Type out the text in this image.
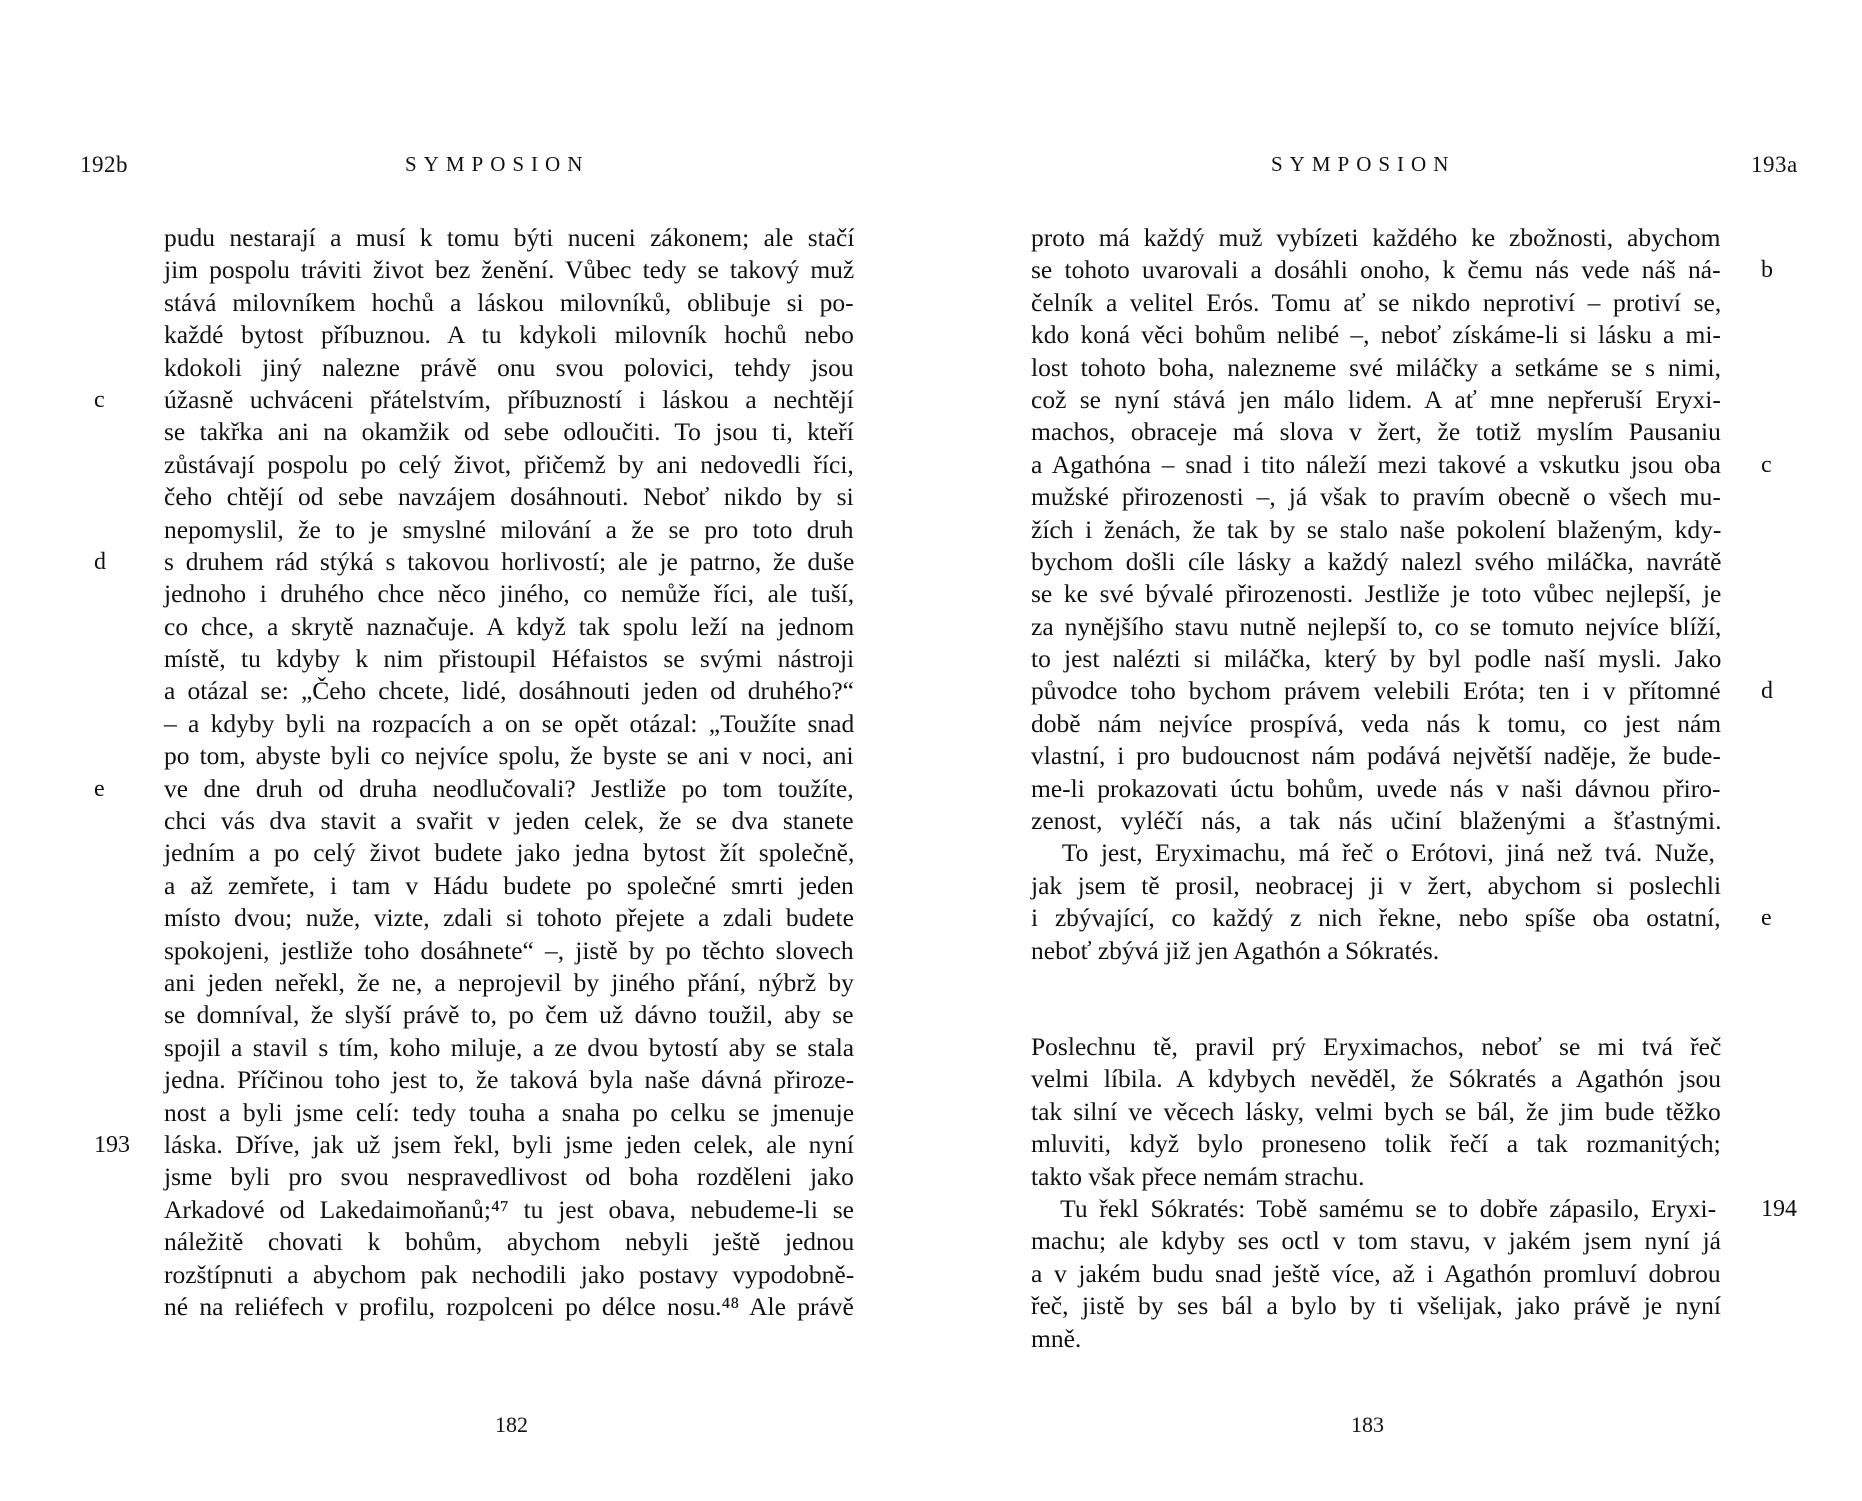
192b	SYMPOSION
pudu nestarají a musí k tomu býti nuceni zákonem; ale stačí
jim pospolu tráviti život bez ženění. Vůbec tedy se takový muž
stává milovníkem hochů a láskou milovníků, oblibuje si po-
každé bytost příbuznou. A tu kdykoli milovník hochů nebo
kdokoli jiný nalezne právě onu svou polovici, tehdy jsou
úžasně uchváceni přátelstvím, příbuzností i láskou a nechtějí
c
se takřka ani na okamžik od sebe odloučiti. To jsou ti, kteří
zůstávají pospolu po celý život, přičemž by ani nedovedli říci,
čeho chtějí od sebe navzájem dosáhnouti. Neboť nikdo by si
nepomyslil, že to je smyslné milování a že se pro toto druh
s druhem rád stýká s takovou horlivostí; ale je patrno, že duše
d
jednoho i druhého chce něco jiného, co nemůže říci, ale tuší,
co chce, a skrytě naznačuje. A když tak spolu leží na jednom
místě, tu kdyby k nim přistoupil Héfaistos se svými nástroji
a otázal se: „Čeho chcete, lidé, dosáhnouti jeden od druhého?“
– a kdyby byli na rozpacích a on se opět otázal: „Toužíte snad
po tom, abyste byli co nejvíce spolu, že byste se ani v noci, ani
ve dne druh od druha neodlučovali? Jestliže po tom toužíte,
e
chci vás dva stavit a svařit v jeden celek, že se dva stanete
jedním a po celý život budete jako jedna bytost žít společně,
a až zemřete, i tam v Hádu budete po společné smrti jeden
místo dvou; nuže, vizte, zdali si tohoto přejete a zdali budete
spokojeni, jestliže toho dosáhnete“ –, jistě by po těchto slovech
ani jeden neřekl, že ne, a neprojevil by jiného přání, nýbrž by
se domníval, že slyší právě to, po čem už dávno toužil, aby se
spojil a stavil s tím, koho miluje, a ze dvou bytostí aby se stala
jedna. Příčinou toho jest to, že taková byla naše dávná přiroze-
nost a byli jsme celí: tedy touha a snaha po celku se jmenuje
láska. Dříve, jak už jsem řekl, byli jsme jeden celek, ale nyní
193
jsme byli pro svou nespravedlivost od boha rozděleni jako
Arkadové od Lakedaimoňanů;⁴⁷ tu jest obava, nebudeme-li se
náležitě chovati k bohům, abychom nebyli ještě jednou
rozštípnuti a abychom pak nechodili jako postavy vypodobně-
né na reliéfech v profilu, rozpolceni po délce nosu.⁴⁸ Ale právě
182
SYMPOSION	193a
proto má každý muž vybízeti každého ke zbožnosti, abychom
se tohoto uvarovali a dosáhli onoho, k čemu nás vede náš ná- b
čelník a velitel Erós. Tomu ať se nikdo neprotiví – protiví se,
kdo koná věci bohům nelibé –, neboť získáme-li si lásku a mi-
lost tohoto boha, nalezneme své miláčky a setkáme se s nimi,
což se nyní stává jen málo lidem. A ať mne nepřeruší Eryxi-
machos, obraceje má slova v žert, že totiž myslím Pausaniu
a Agathóna – snad i tito náleží mezi takové a vskutku jsou oba c
mužské přirozenosti –, já však to pravím obecně o všech mu-
žích i ženách, že tak by se stalo naše pokolení blaženým, kdy-
bychom došli cíle lásky a každý nalezl svého miláčka, navrátě
se ke své bývalé přirozenosti. Jestliže je toto vůbec nejlepší, je
za nynějšího stavu nutně nejlepší to, co se tomuto nejvíce blíží,
to jest nalézti si miláčka, který by byl podle naší mysli. Jako
původce toho bychom právem velebili Eróta; ten i v přítomné d
době nám nejvíce prospívá, veda nás k tomu, co jest nám
vlastní, i pro budoucnost nám podává největší naděje, že bude-
me-li prokazovati úctu bohům, uvede nás v naši dávnou přiro-
zenost, vyléčí nás, a tak nás učiní blaženými a šťastnými.
To jest, Eryximachu, má řeč o Erótovi, jiná než tvá. Nuže,
jak jsem tě prosil, neobracej ji v žert, abychom si poslechli
i zbývající, co každý z nich řekne, nebo spíše oba ostatní, e
neboť zbývá již jen Agathón a Sókratés.
Poslechnu tě, pravil prý Eryximachos, neboť se mi tvá řeč
velmi líbila. A kdybych nevěděl, že Sókratés a Agathón jsou
tak silní ve věcech lásky, velmi bych se bál, že jim bude těžko
mluviti, když bylo proneseno tolik řečí a tak rozmanitých;
takto však přece nemám strachu.
Tu řekl Sókratés: Tobě samému se to dobře zápasilo, Eryxi- 194
machu; ale kdyby ses octl v tom stavu, v jakém jsem nyní já
a v jakém budu snad ještě více, až i Agathón promluví dobrou
řeč, jistě by ses bál a bylo by ti všelijak, jako právě je nyní
mně.
183
